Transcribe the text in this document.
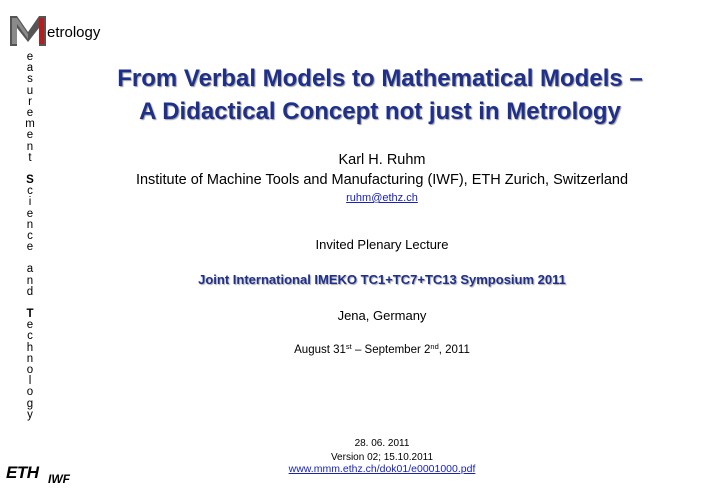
etrology
e
a
s
u
r
e
m
e
n
t
S
c
i
e
n
c
e
a
n
d
T
e
c
h
n
o
l
o
g
y
From Verbal Models to Mathematical Models –
A Didactical Concept not just in Metrology
Karl H. Ruhm
Institute of Machine Tools and Manufacturing (IWF), ETH Zurich, Switzerland
ruhm@ethz.ch
Invited Plenary Lecture
Joint International IMEKO TC1+TC7+TC13 Symposium 2011
Jena, Germany
August 31st – September 2nd, 2011
28. 06. 2011
Version 02; 15.10.2011
www.mmm.ethz.ch/dok01/e0001000.pdf
ETH IWF
